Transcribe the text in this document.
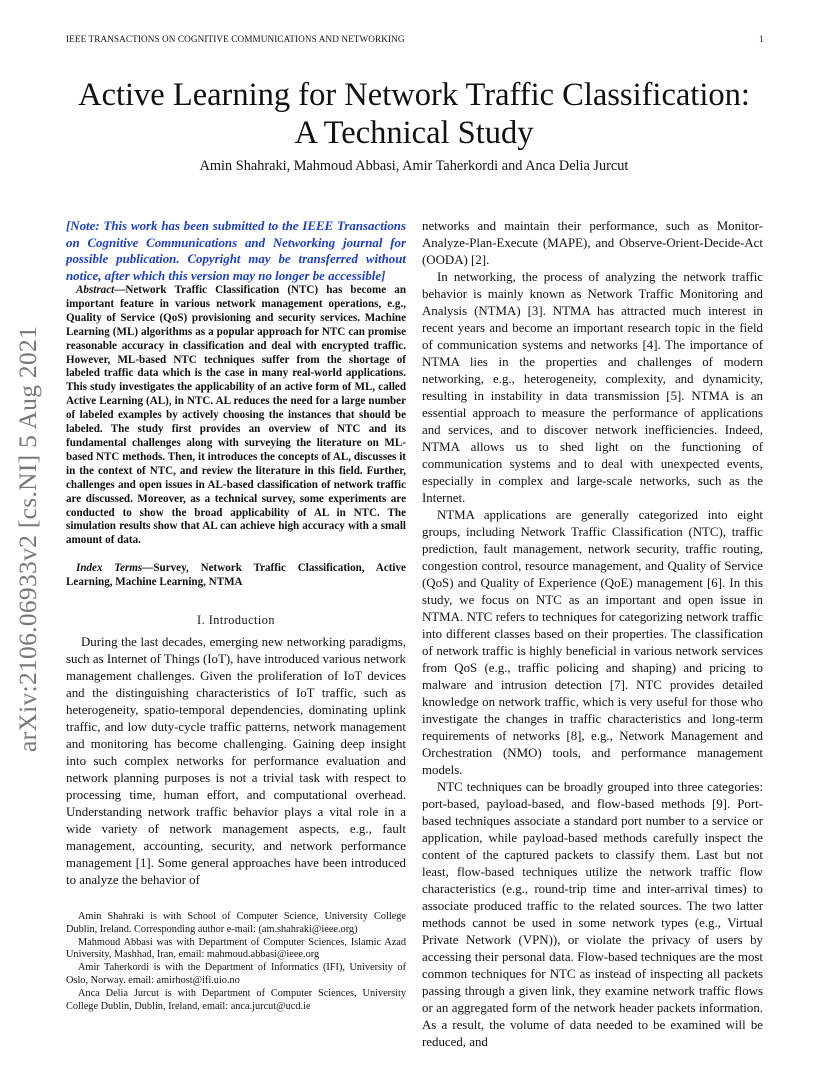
IEEE TRANSACTIONS ON COGNITIVE COMMUNICATIONS AND NETWORKING	1
arXiv:2106.06933v2 [cs.NI] 5 Aug 2021
Active Learning for Network Traffic Classification:
A Technical Study
Amin Shahraki, Mahmoud Abbasi, Amir Taherkordi and Anca Delia Jurcut

[Note: This work has been submitted to the IEEE Transactions on Cognitive Communications and Networking journal for possible publication. Copyright may be transferred without notice, after which this version may no longer be accessible]

Abstract—Network Traffic Classification (NTC) has become an important feature in various network management operations, e.g., Quality of Service (QoS) provisioning and security services. Machine Learning (ML) algorithms as a popular approach for NTC can promise reasonable accuracy in classification and deal with encrypted traffic. However, ML-based NTC techniques suffer from the shortage of labeled traffic data which is the case in many real-world applications. This study investigates the applicability of an active form of ML, called Active Learning (AL), in NTC. AL reduces the need for a large number of labeled examples by actively choosing the instances that should be labeled. The study first provides an overview of NTC and its fundamental challenges along with surveying the literature on ML-based NTC methods. Then, it introduces the concepts of AL, discusses it in the context of NTC, and review the literature in this field. Further, challenges and open issues in AL-based classification of network traffic are discussed. Moreover, as a technical survey, some experiments are conducted to show the broad applicability of AL in NTC. The simulation results show that AL can achieve high accuracy with a small amount of data.

Index Terms—Survey, Network Traffic Classification, Active Learning, Machine Learning, NTMA

I. Introduction

During the last decades, emerging new networking paradigms, such as Internet of Things (IoT), have introduced various network management challenges. Given the proliferation of IoT devices and the distinguishing characteristics of IoT traffic, such as heterogeneity, spatio-temporal dependencies, dominating uplink traffic, and low duty-cycle traffic patterns, network management and monitoring has become challenging. Gaining deep insight into such complex networks for performance evaluation and network planning purposes is not a trivial task with respect to processing time, human effort, and computational overhead. Understanding network traffic behavior plays a vital role in a wide variety of network management aspects, e.g., fault management, accounting, security, and network performance management [1]. Some general approaches have been introduced to analyze the behavior of

Amin Shahraki is with School of Computer Science, University College Dublin, Ireland. Corresponding author e-mail: (am.shahraki@ieee.org)

Mahmoud Abbasi was with Department of Computer Sciences, Islamic Azad University, Mashhad, Iran, email: mahmoud.abbasi@ieee.org

Amir Taherkordi is with the Department of Informatics (IFI), University of Oslo, Norway. email: amirhost@ifi.uio.no

Anca Delia Jurcut is with Department of Computer Sciences, University College Dublin, Dublin, Ireland, email: anca.jurcut@ucd.ie

networks and maintain their performance, such as Monitor-Analyze-Plan-Execute (MAPE), and Observe-Orient-Decide-Act (OODA) [2].

In networking, the process of analyzing the network traffic behavior is mainly known as Network Traffic Monitoring and Analysis (NTMA) [3]. NTMA has attracted much interest in recent years and become an important research topic in the field of communication systems and networks [4]. The importance of NTMA lies in the properties and challenges of modern networking, e.g., heterogeneity, complexity, and dynamicity, resulting in instability in data transmission [5]. NTMA is an essential approach to measure the performance of applications and services, and to discover network inefficiencies. Indeed, NTMA allows us to shed light on the functioning of communication systems and to deal with unexpected events, especially in complex and large-scale networks, such as the Internet.

NTMA applications are generally categorized into eight groups, including Network Traffic Classification (NTC), traffic prediction, fault management, network security, traffic routing, congestion control, resource management, and Quality of Service (QoS) and Quality of Experience (QoE) management [6]. In this study, we focus on NTC as an important and open issue in NTMA. NTC refers to techniques for categorizing network traffic into different classes based on their properties. The classification of network traffic is highly beneficial in various network services from QoS (e.g., traffic policing and shaping) and pricing to malware and intrusion detection [7]. NTC provides detailed knowledge on network traffic, which is very useful for those who investigate the changes in traffic characteristics and long-term requirements of networks [8], e.g., Network Management and Orchestration (NMO) tools, and performance management models.

NTC techniques can be broadly grouped into three categories: port-based, payload-based, and flow-based methods [9]. Port-based techniques associate a standard port number to a service or application, while payload-based methods carefully inspect the content of the captured packets to classify them. Last but not least, flow-based techniques utilize the network traffic flow characteristics (e.g., round-trip time and inter-arrival times) to associate produced traffic to the related sources. The two latter methods cannot be used in some network types (e.g., Virtual Private Network (VPN)), or violate the privacy of users by accessing their personal data. Flow-based techniques are the most common techniques for NTC as instead of inspecting all packets passing through a given link, they examine network traffic flows or an aggregated form of the network header packets information. As a result, the volume of data needed to be examined will be reduced, and
